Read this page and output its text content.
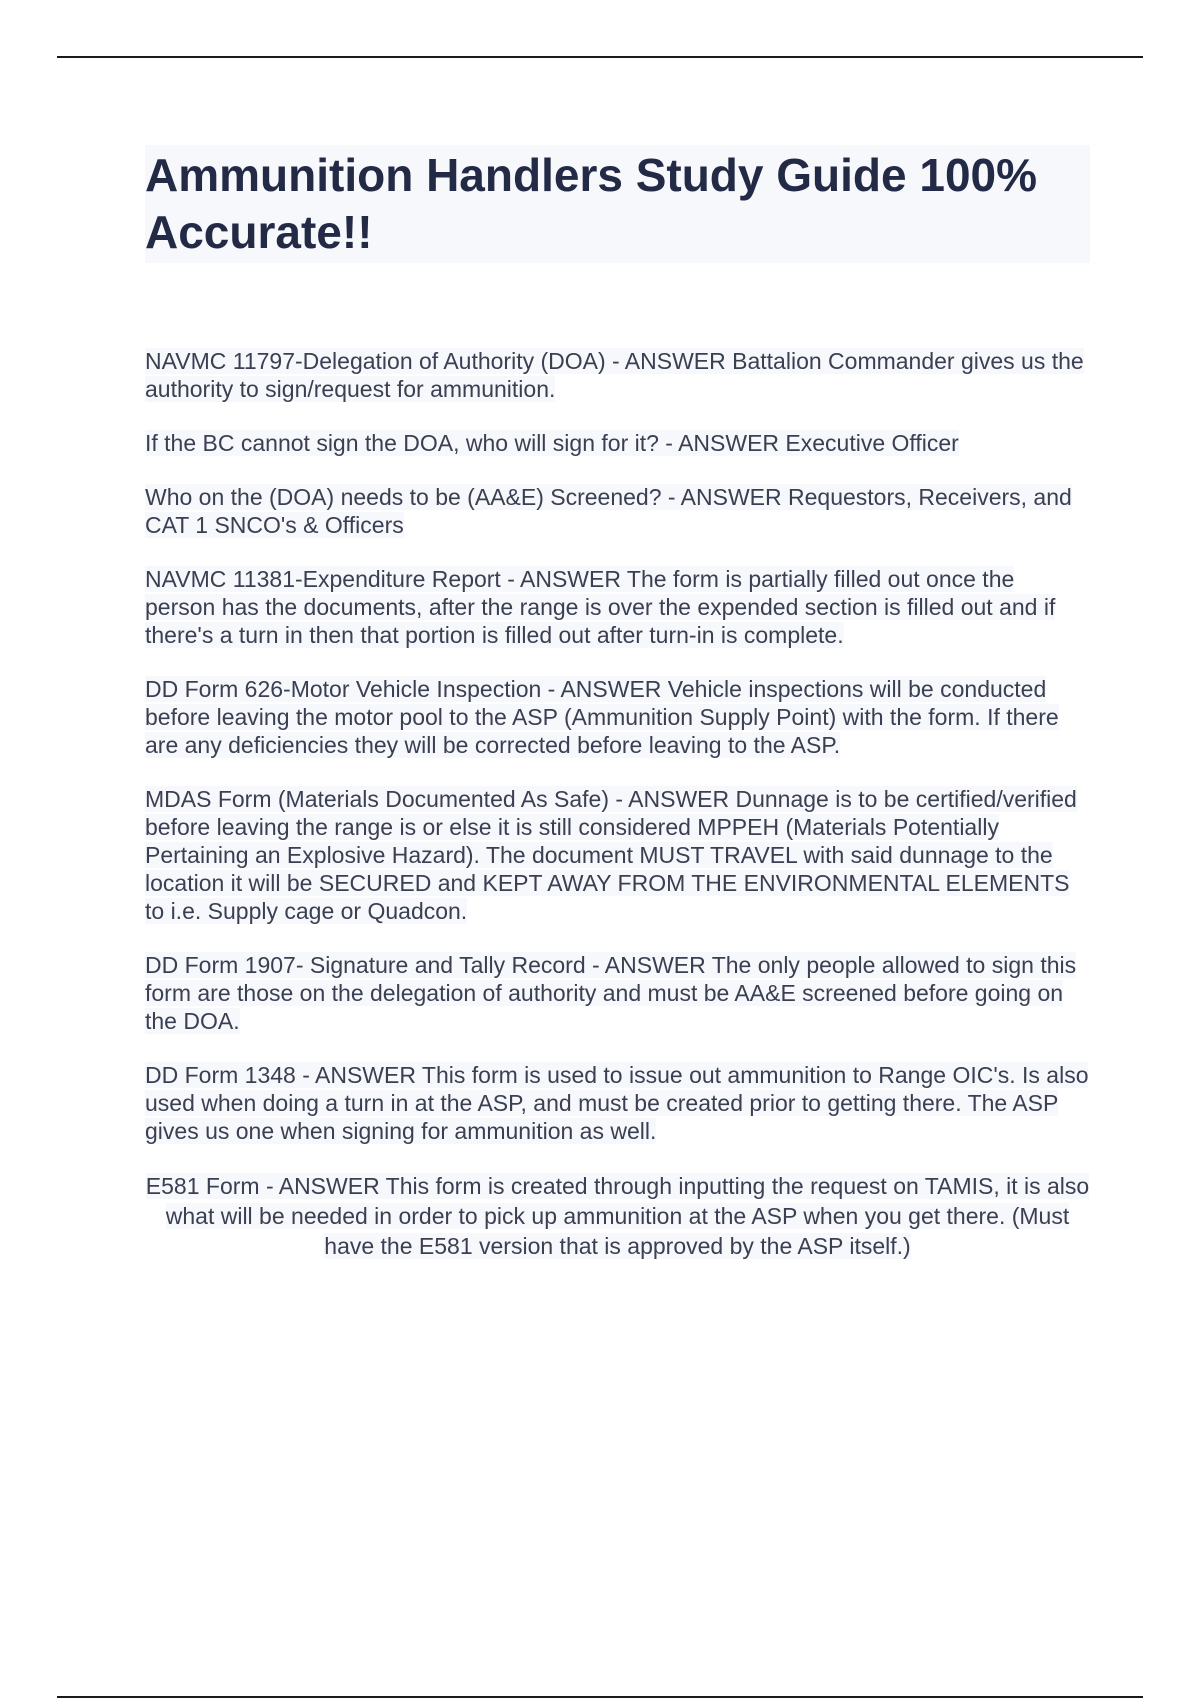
Ammunition Handlers Study Guide 100% Accurate!!

NAVMC 11797-Delegation of Authority (DOA) - ANSWER Battalion Commander gives us the authority to sign/request for ammunition.

If the BC cannot sign the DOA, who will sign for it? - ANSWER Executive Officer

Who on the (DOA) needs to be (AA&E) Screened? - ANSWER Requestors, Receivers, and CAT 1 SNCO's & Officers

NAVMC 11381-Expenditure Report - ANSWER The form is partially filled out once the person has the documents, after the range is over the expended section is filled out and if there's a turn in then that portion is filled out after turn-in is complete.

DD Form 626-Motor Vehicle Inspection - ANSWER Vehicle inspections will be conducted before leaving the motor pool to the ASP (Ammunition Supply Point) with the form. If there are any deficiencies they will be corrected before leaving to the ASP.

MDAS Form (Materials Documented As Safe) - ANSWER Dunnage is to be certified/verified before leaving the range is or else it is still considered MPPEH (Materials Potentially Pertaining an Explosive Hazard). The document MUST TRAVEL with said dunnage to the location it will be SECURED and KEPT AWAY FROM THE ENVIRONMENTAL ELEMENTS to i.e. Supply cage or Quadcon.

DD Form 1907- Signature and Tally Record - ANSWER The only people allowed to sign this form are those on the delegation of authority and must be AA&E screened before going on the DOA.

DD Form 1348 - ANSWER This form is used to issue out ammunition to Range OIC's. Is also used when doing a turn in at the ASP, and must be created prior to getting there. The ASP gives us one when signing for ammunition as well.

E581 Form - ANSWER This form is created through inputting the request on TAMIS, it is also what will be needed in order to pick up ammunition at the ASP when you get there. (Must have the E581 version that is approved by the ASP itself.)
